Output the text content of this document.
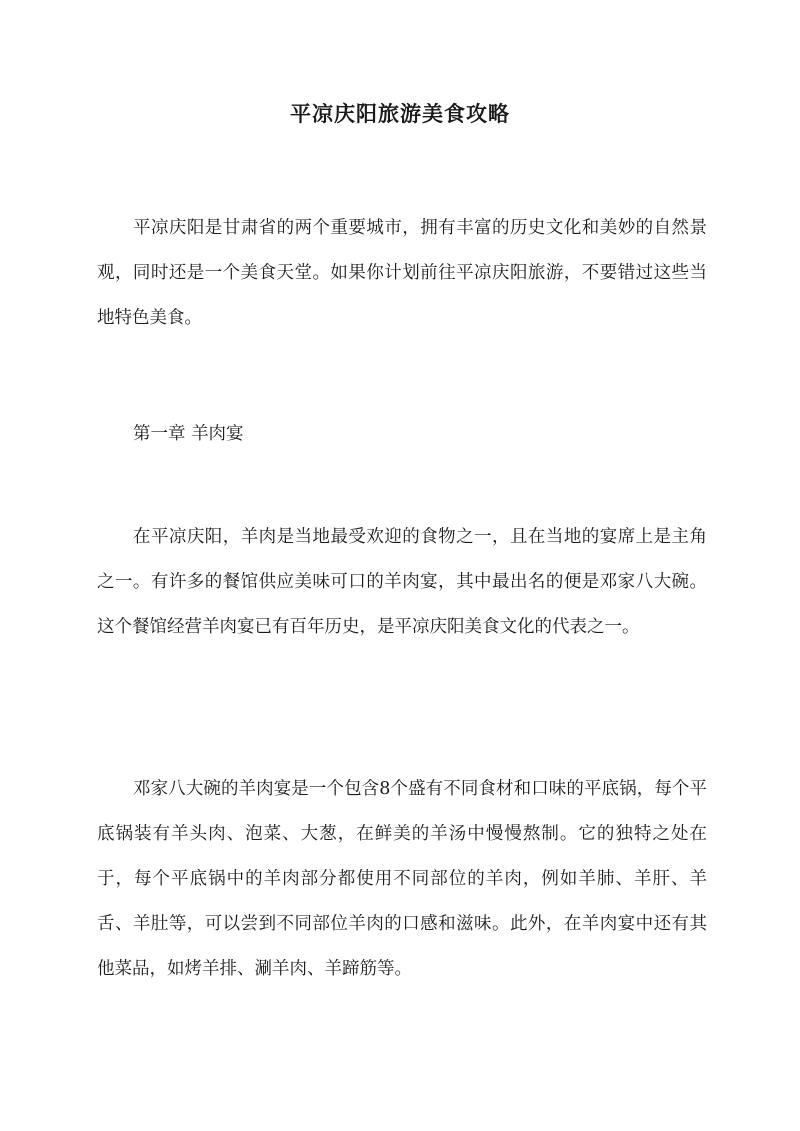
平凉庆阳旅游美食攻略

平凉庆阳是甘肃省的两个重要城市，拥有丰富的历史文化和美妙的自然景观，同时还是一个美食天堂。如果你计划前往平凉庆阳旅游，不要错过这些当地特色美食。

第一章 羊肉宴

在平凉庆阳，羊肉是当地最受欢迎的食物之一，且在当地的宴席上是主角之一。有许多的餐馆供应美味可口的羊肉宴，其中最出名的便是邓家八大碗。这个餐馆经营羊肉宴已有百年历史，是平凉庆阳美食文化的代表之一。

邓家八大碗的羊肉宴是一个包含8个盛有不同食材和口味的平底锅，每个平底锅装有羊头肉、泡菜、大葱，在鲜美的羊汤中慢慢熬制。它的独特之处在于，每个平底锅中的羊肉部分都使用不同部位的羊肉，例如羊肺、羊肝、羊舌、羊肚等，可以尝到不同部位羊肉的口感和滋味。此外，在羊肉宴中还有其他菜品，如烤羊排、涮羊肉、羊蹄筋等。
